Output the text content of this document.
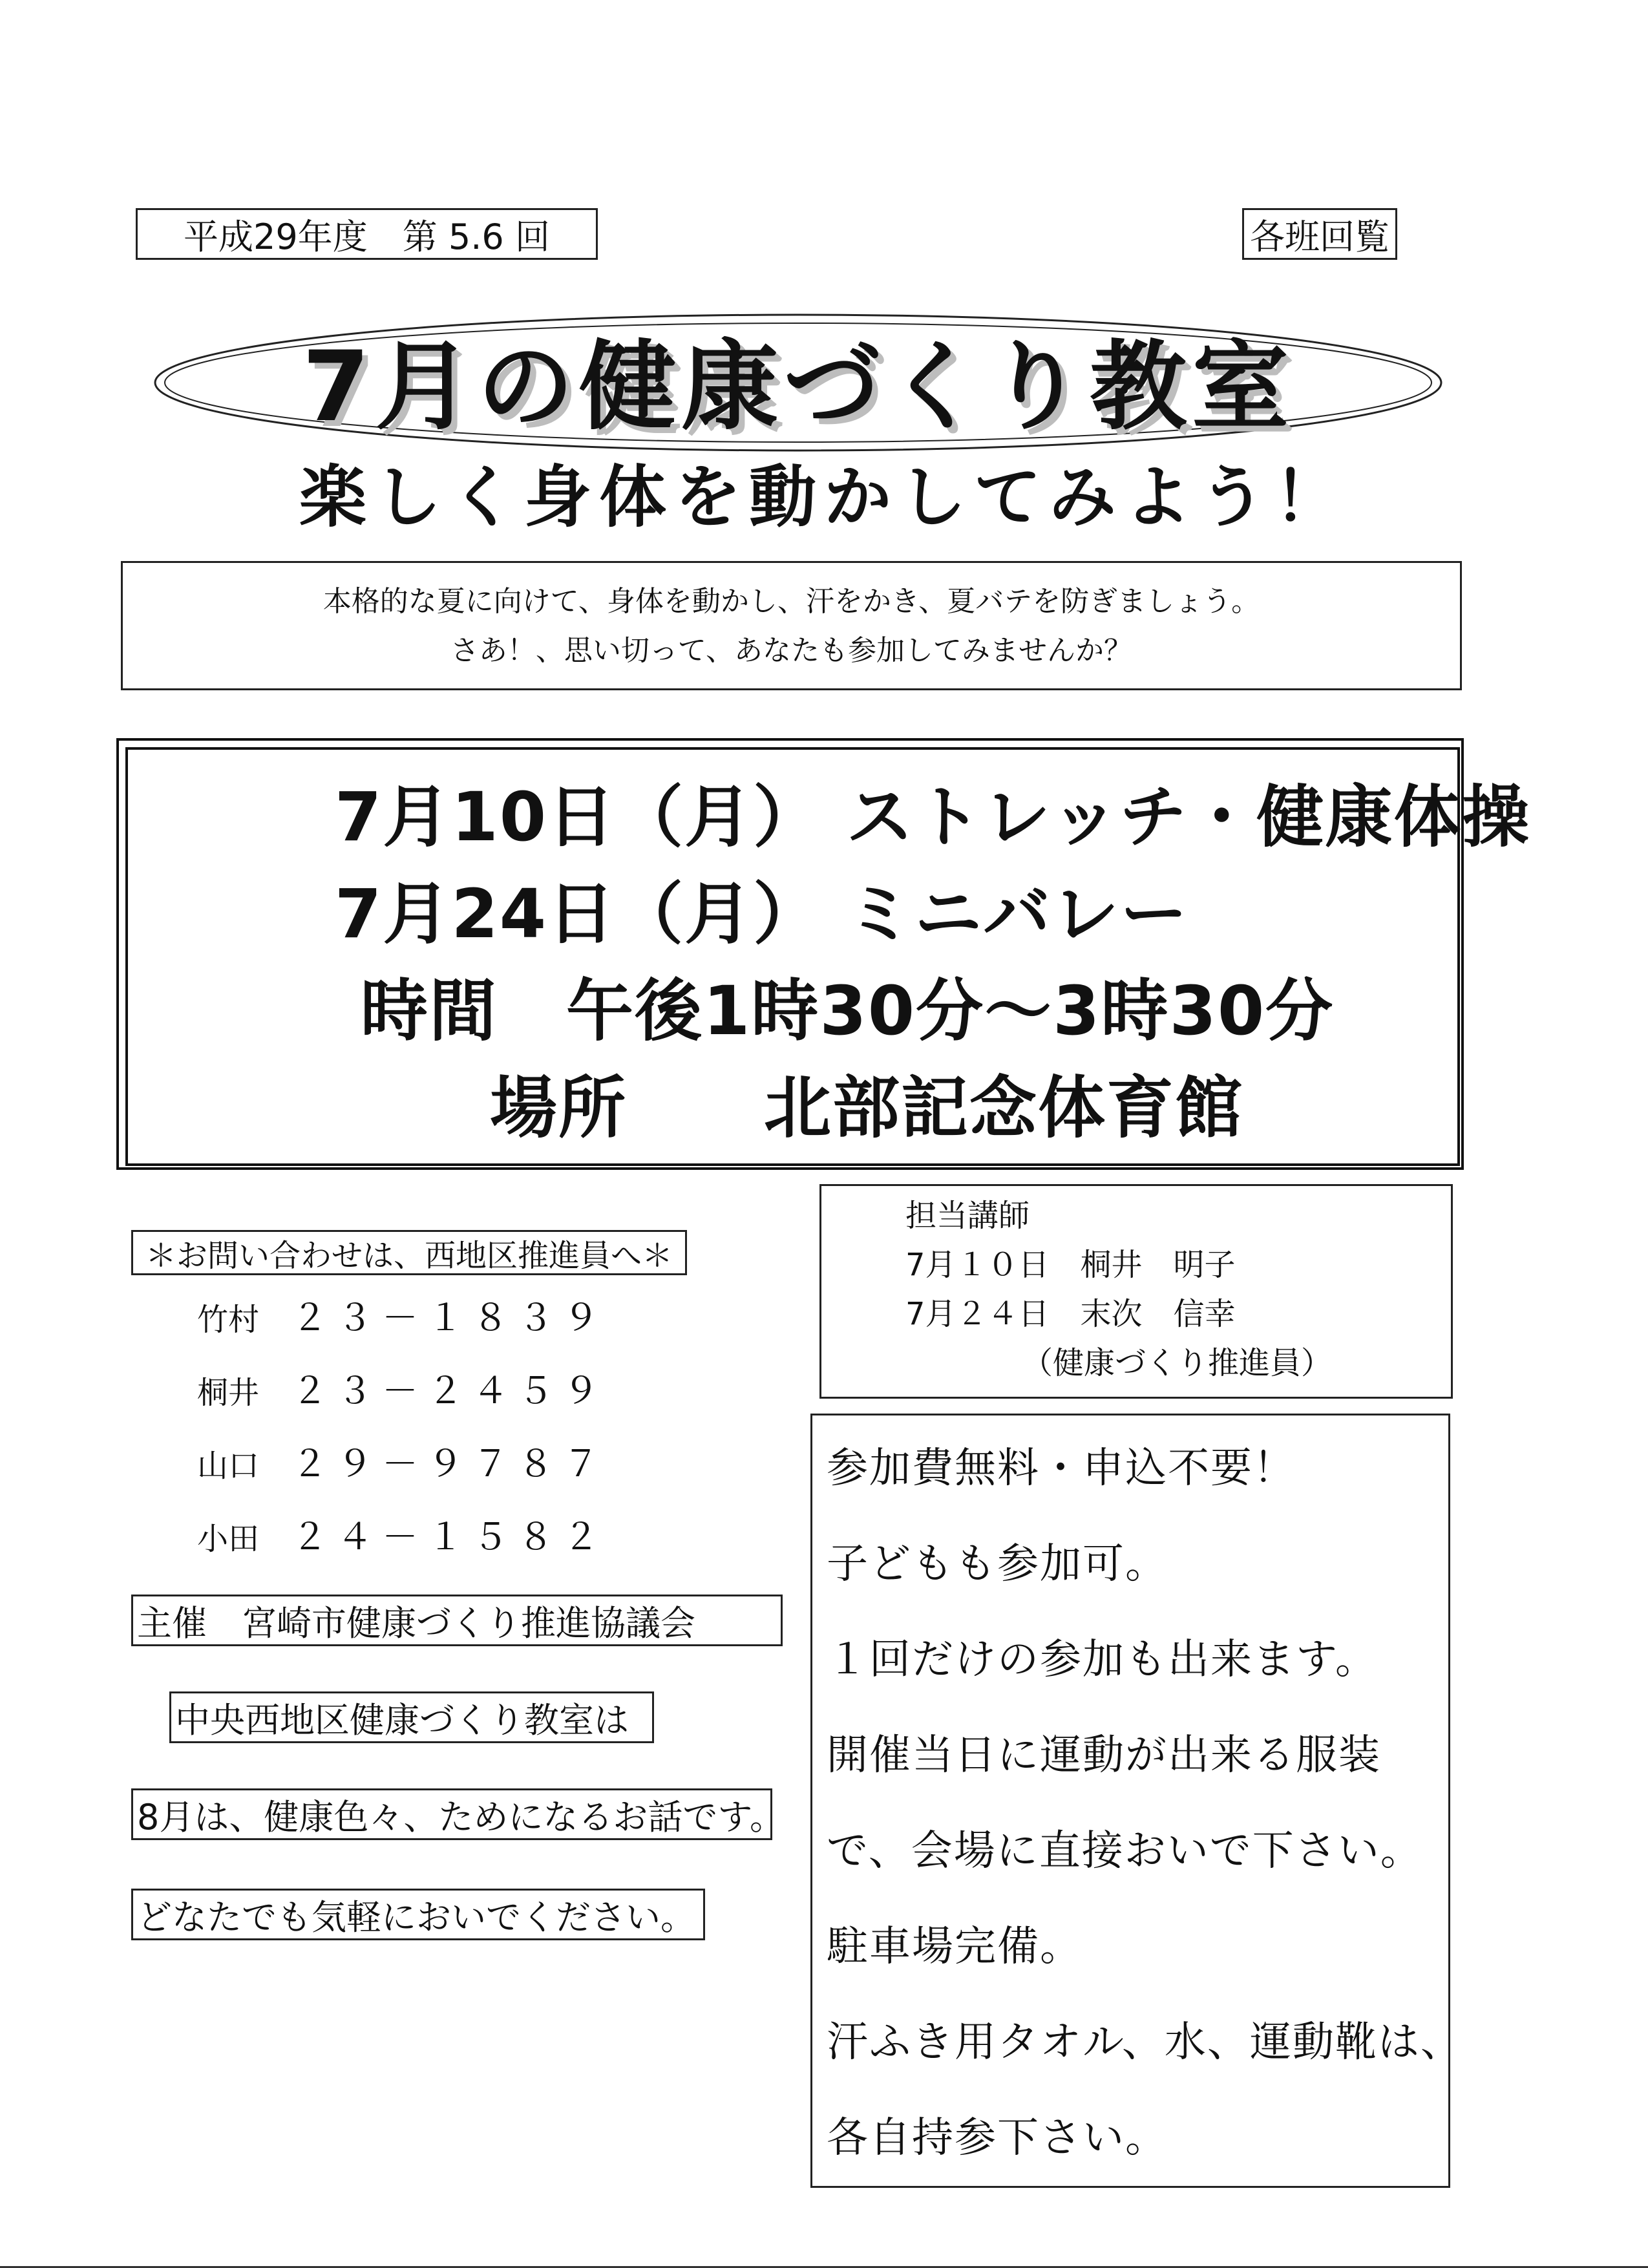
平成29年度　第 5.6 回	各班回覧
7月の健康づくり教室
楽しく身体を動かしてみよう！
本格的な夏に向けて、身体を動かし、汗をかき、夏バテを防ぎましょう。
さあ！、思い切って、あなたも参加してみませんか？
7月10日（月） ストレッチ・健康体操
7月24日（月） ミニバレー
時間　午後1時30分～3時30分
場所　　北部記念体育館
担当講師
7月１０日　桐井　明子
7月２４日　末次　信幸
（健康づくり推進員）
＊お問い合わせは、西地区推進員へ＊
竹村 ２３－１８３９
桐井 ２３－２４５９
山口 ２９－９７８７
小田 ２４－１５８２
主催　宮崎市健康づくり推進協議会
中央西地区健康づくり教室は
8月は、健康色々、ためになるお話です。
どなたでも気軽においでください。
参加費無料・申込不要！
子どもも参加可。
１回だけの参加も出来ます。
開催当日に運動が出来る服装
で、会場に直接おいで下さい。
駐車場完備。
汗ふき用タオル、水、運動靴は、
各自持参下さい。
